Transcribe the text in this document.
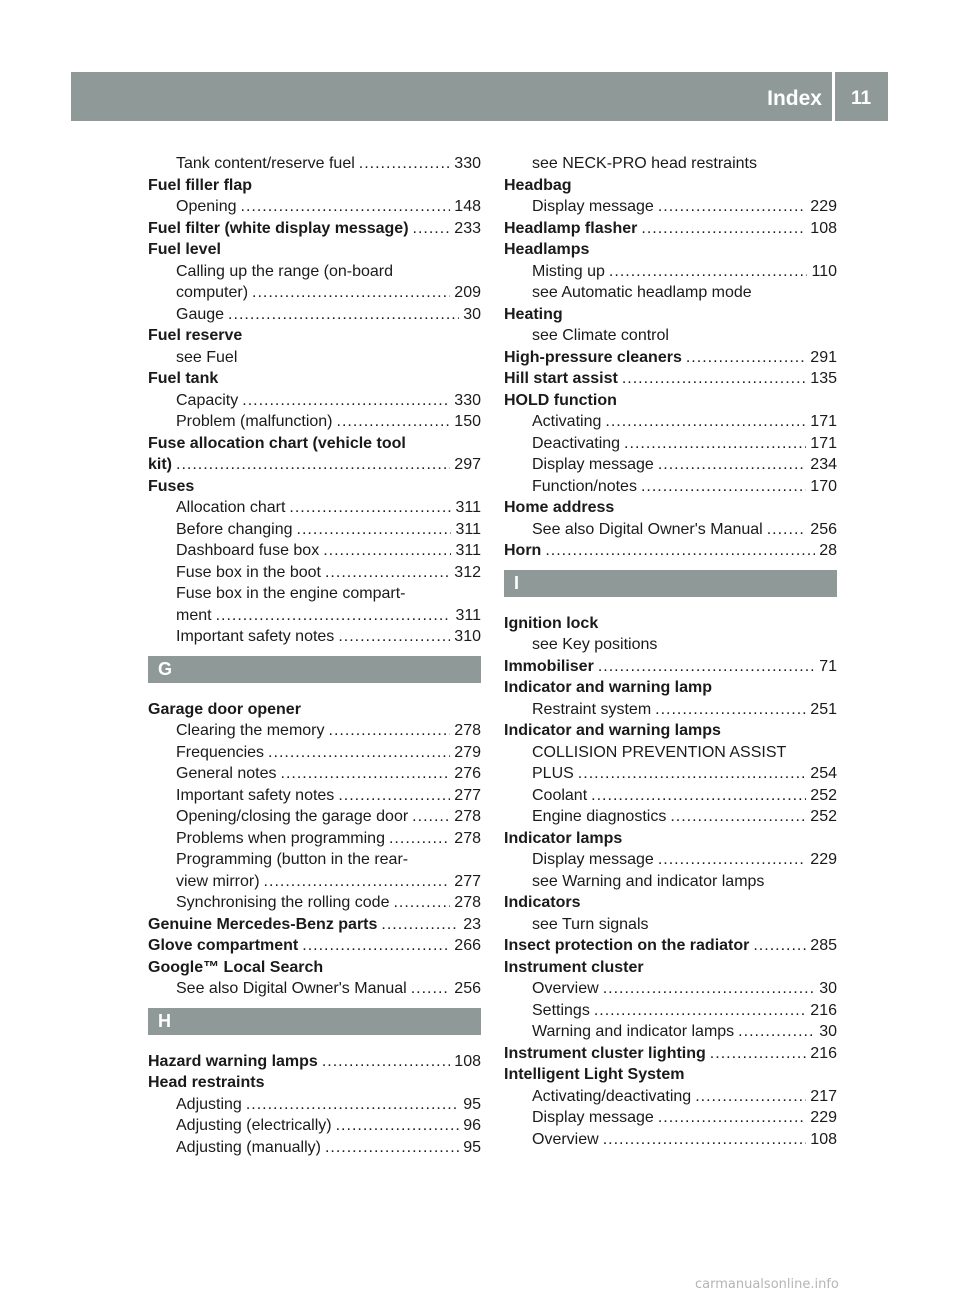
Index	11
Tank content/reserve fuel .....	330
Fuel filler flap
Opening .....	148
Fuel filter (white display message) .....	233
Fuel level
Calling up the range (on-board
computer) .....	209
Gauge .....	30
Fuel reserve
see Fuel
Fuel tank
Capacity .....	330
Problem (malfunction) .....	150
Fuse allocation chart (vehicle tool
kit) .....	297
Fuses
Allocation chart .....	311
Before changing .....	311
Dashboard fuse box .....	311
Fuse box in the boot .....	312
Fuse box in the engine compart-
ment .....	311
Important safety notes .....	310
G
Garage door opener
Clearing the memory .....	278
Frequencies .....	279
General notes .....	276
Important safety notes .....	277
Opening/closing the garage door .....	278
Problems when programming .....	278
Programming (button in the rear-
view mirror) .....	277
Synchronising the rolling code .....	278
Genuine Mercedes-Benz parts .....	23
Glove compartment .....	266
Google™ Local Search
See also Digital Owner's Manual .....	256
H
Hazard warning lamps .....	108
Head restraints
Adjusting .....	95
Adjusting (electrically) .....	96
Adjusting (manually) .....	95
see NECK-PRO head restraints
Headbag
Display message .....	229
Headlamp flasher .....	108
Headlamps
Misting up .....	110
see Automatic headlamp mode
Heating
see Climate control
High-pressure cleaners .....	291
Hill start assist .....	135
HOLD function
Activating .....	171
Deactivating .....	171
Display message .....	234
Function/notes .....	170
Home address
See also Digital Owner's Manual .....	256
Horn .....	28
I
Ignition lock
see Key positions
Immobiliser .....	71
Indicator and warning lamp
Restraint system .....	251
Indicator and warning lamps
COLLISION PREVENTION ASSIST
PLUS .....	254
Coolant .....	252
Engine diagnostics .....	252
Indicator lamps
Display message .....	229
see Warning and indicator lamps
Indicators
see Turn signals
Insect protection on the radiator .....	285
Instrument cluster
Overview .....	30
Settings .....	216
Warning and indicator lamps .....	30
Instrument cluster lighting .....	216
Intelligent Light System
Activating/deactivating .....	217
Display message .....	229
Overview .....	108
carmanualsonline.info
